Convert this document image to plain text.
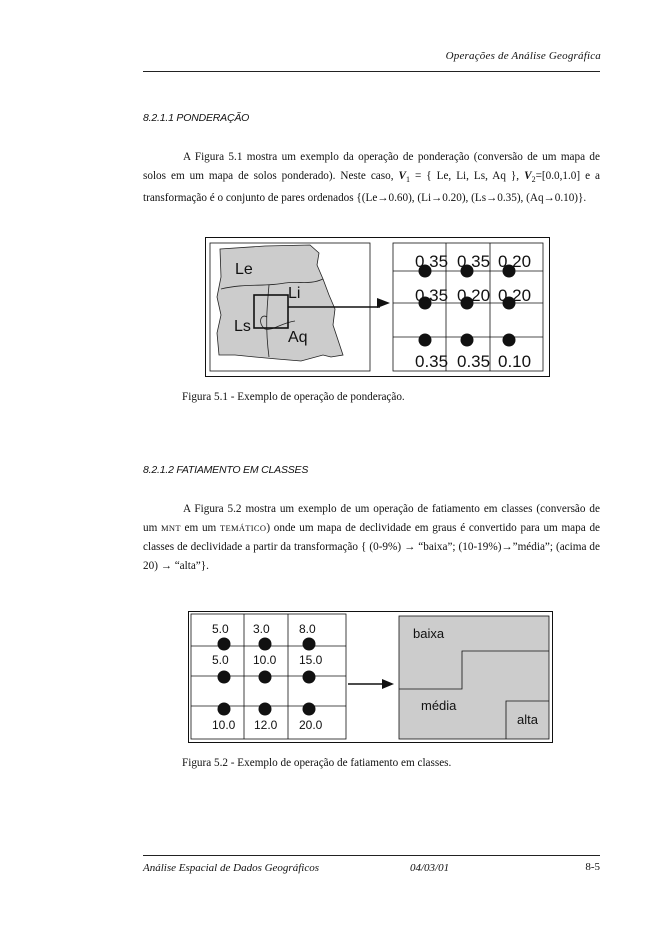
Operações de Análise Geográfica
8.2.1.1 PONDERAÇÃO
A Figura 5.1 mostra um exemplo da operação de ponderação (conversão de um mapa de solos em um mapa de solos ponderado). Neste caso, $V_1$ = { Le, Li, Ls, Aq }, $V_2=[0.0,1.0]$ e a transformação é o conjunto de pares ordenados {(Le→0.60), (Li→0.20), (Ls→0.35), (Aq→0.10)}.
Le
Li
Ls
Aq
0.35 0.35 0.20
0.35 0.20 0.20
0.35 0.35 0.10
Figura 5.1 - Exemplo de operação de ponderação.
8.2.1.2 FATIAMENTO EM CLASSES
A Figura 5.2 mostra um exemplo de um operação de fatiamento em classes (conversão de um MNT em um TEMÁTICO) onde um mapa de declividade em graus é convertido para um mapa de classes de declividade a partir da transformação { (0-9%) → “baixa”; (10-19%)→”média”; (acima de 20) → “alta”}.
5.0 3.0 8.0
5.0 10.0 15.0
10.0 12.0 20.0
baixa
média
alta
Figura 5.2 - Exemplo de operação de fatiamento em classes.
Análise Espacial de Dados Geográficos	04/03/01	8-5
